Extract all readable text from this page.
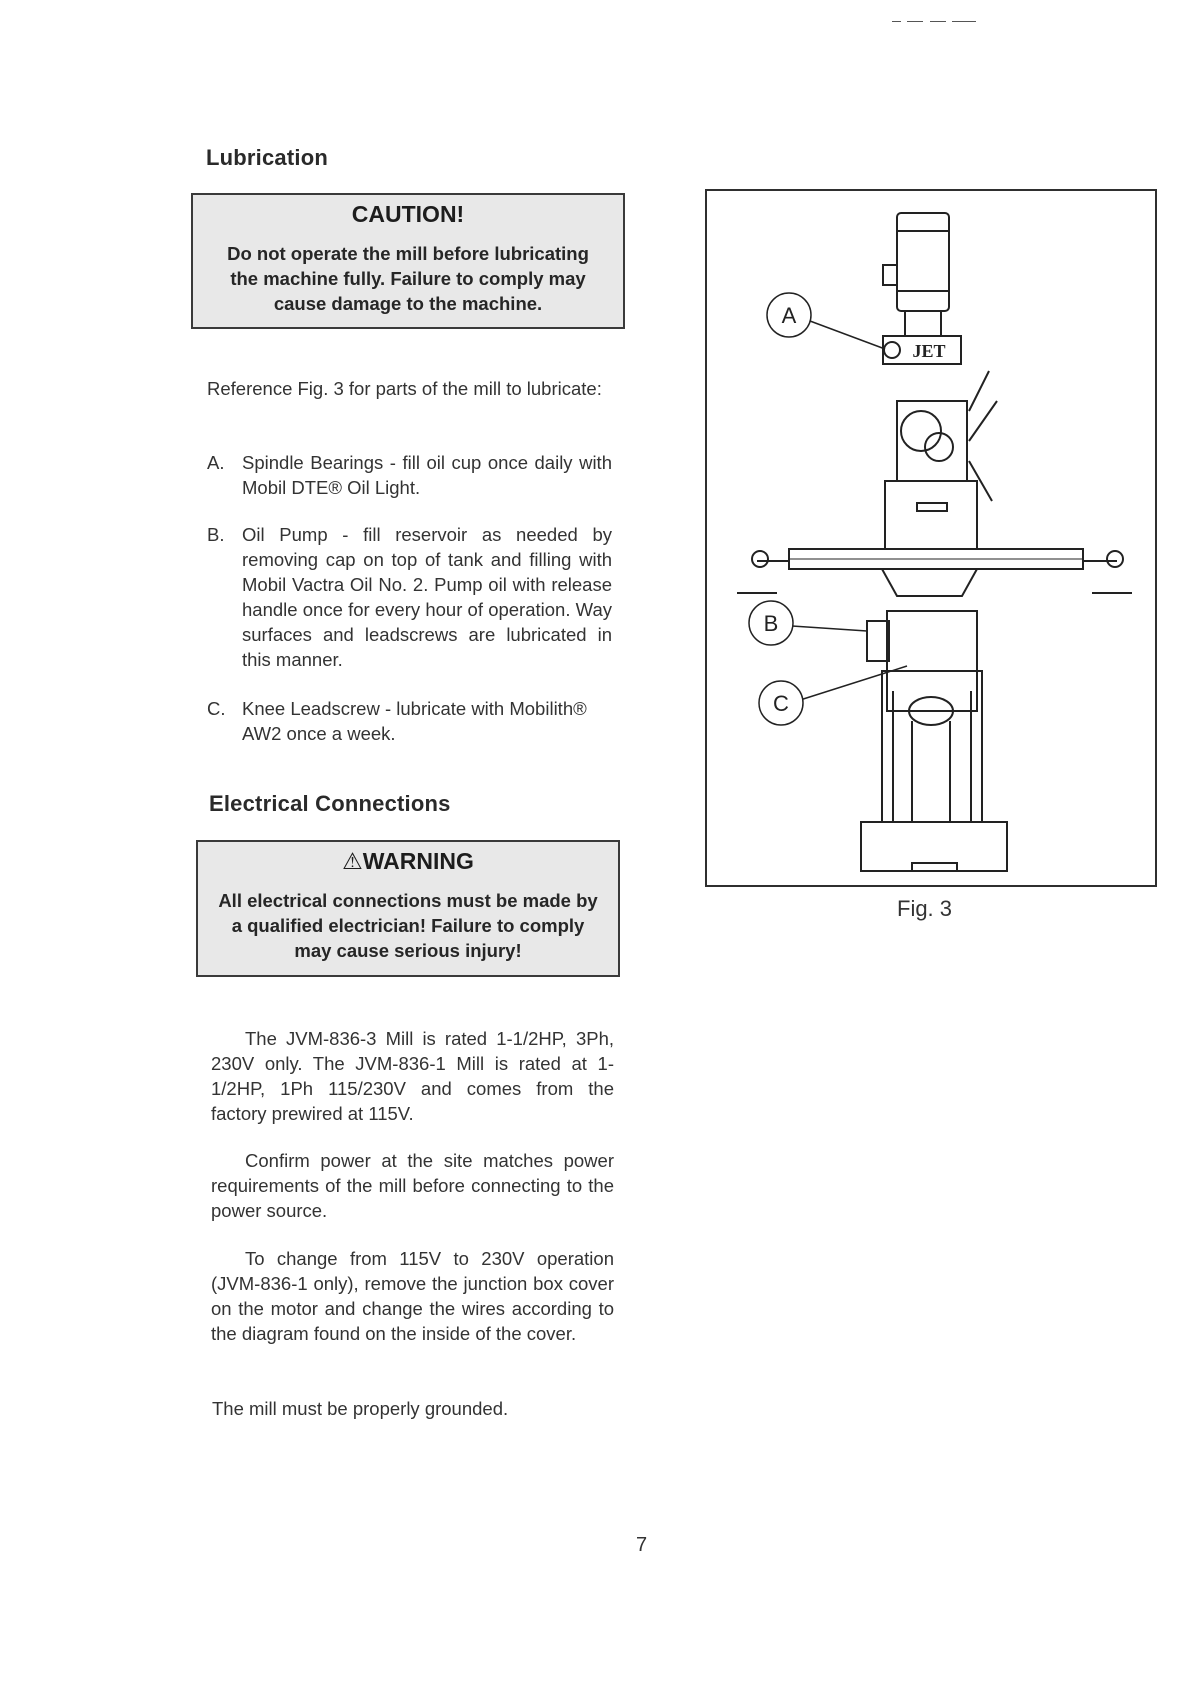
Lubrication
CAUTION!
Do not operate the mill before lubricating
the machine fully. Failure to comply may
cause damage to the machine.
Reference Fig. 3 for parts of the mill to lubricate:
A. Spindle Bearings - fill oil cup once daily with Mobil DTE® Oil Light.
B. Oil Pump - fill reservoir as needed by removing cap on top of tank and filling with Mobil Vactra Oil No. 2. Pump oil with release handle once for every hour of operation. Way surfaces and leadscrews are lubricated in this manner.
C. Knee Leadscrew - lubricate with Mobilith® AW2 once a week.
Electrical Connections
⚠WARNING
All electrical connections must be made by
a qualified electrician! Failure to comply
may cause serious injury!
The JVM-836-3 Mill is rated 1-1/2HP, 3Ph, 230V only. The JVM-836-1 Mill is rated at 1-1/2HP, 1Ph 115/230V and comes from the factory prewired at 115V.
Confirm power at the site matches power requirements of the mill before connecting to the power source.
To change from 115V to 230V operation (JVM-836-1 only), remove the junction box cover on the motor and change the wires according to the diagram found on the inside of the cover.
The mill must be properly grounded.
A
B
C
JET
Fig. 3
7
